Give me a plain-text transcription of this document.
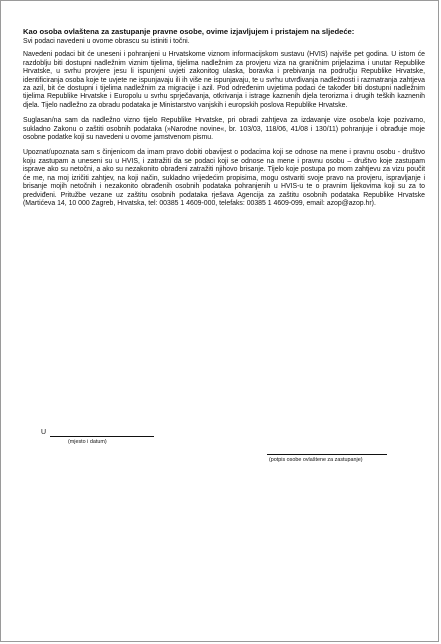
Kao osoba ovlaštena za zastupanje pravne osobe, ovime izjavljujem i pristajem na sljedeće:
Svi podaci navedeni u ovome obrascu su istiniti i točni.
Navedeni podaci bit će uneseni i pohranjeni u Hrvatskome viznom informacijskom sustavu (HVIS) najviše pet godina. U istom će razdoblju biti dostupni nadležnim viznim tijelima, tijelima nadležnim za provjeru viza na graničnim prijelazima i unutar Republike Hrvatske, u svrhu provjere jesu li ispunjeni uvjeti zakonitog ulaska, boravka i prebivanja na području Republike Hrvatske, identificiranja osoba koje te uvjete ne ispunjavaju ili ih više ne ispunjavaju, te u svrhu utvrđivanja nadležnosti i razmatranja zahtjeva za azil, bit će dostupni i tijelima nadležnim za migracije i azil. Pod određenim uvjetima podaci će također biti dostupni nadležnim tijelima Republike Hrvatske i Europolu u svrhu sprječavanja, otkrivanja i istrage kaznenih djela terorizma i drugih teških kaznenih djela. Tijelo nadležno za obradu podataka je Ministarstvo vanjskih i europskih poslova Republike Hrvatske.
Suglasan/na sam da nadležno vizno tijelo Republike Hrvatske, pri obradi zahtjeva za izdavanje vize osobe/a koje pozivamo, sukladno Zakonu o zaštiti osobnih podataka (»Narodne novine«, br. 103/03, 118/06, 41/08 i 130/11) pohranjuje i obrađuje moje osobne podatke koji su navedeni u ovome jamstvenom pismu.
Upoznat/upoznata sam s činjenicom da imam pravo dobiti obavijest o podacima koji se odnose na mene i pravnu osobu - društvo koju zastupam a uneseni su u HVIS, i zatražiti da se podaci koji se odnose na mene i pravnu osobu – društvo koje zastupam isprave ako su netočni, a ako su nezakonito obrađeni zatražiti njihovo brisanje. Tijelo koje postupa po mom zahtjevu za vizu poučit će me, na moj izričiti zahtjev, na koji način, sukladno vrijedećim propisima, mogu ostvariti svoje pravo na provjeru, ispravljanje i brisanje mojih netočnih i nezakonito obrađenih osobnih podataka pohranjenih u HVIS-u te o pravnim lijekovima koji su za to predviđeni. Pritužbe vezane uz zaštitu osobnih podataka rješava Agencija za zaštitu osobnih podataka Republike Hrvatske (Martićeva 14, 10 000 Zagreb, Hrvatska, tel: 00385 1 4609-000, telefaks: 00385 1 4609-099, email: azop@azop.hr).
U
(mjesto i datum)
(potpis osobe ovlaštene za zastupanje)
